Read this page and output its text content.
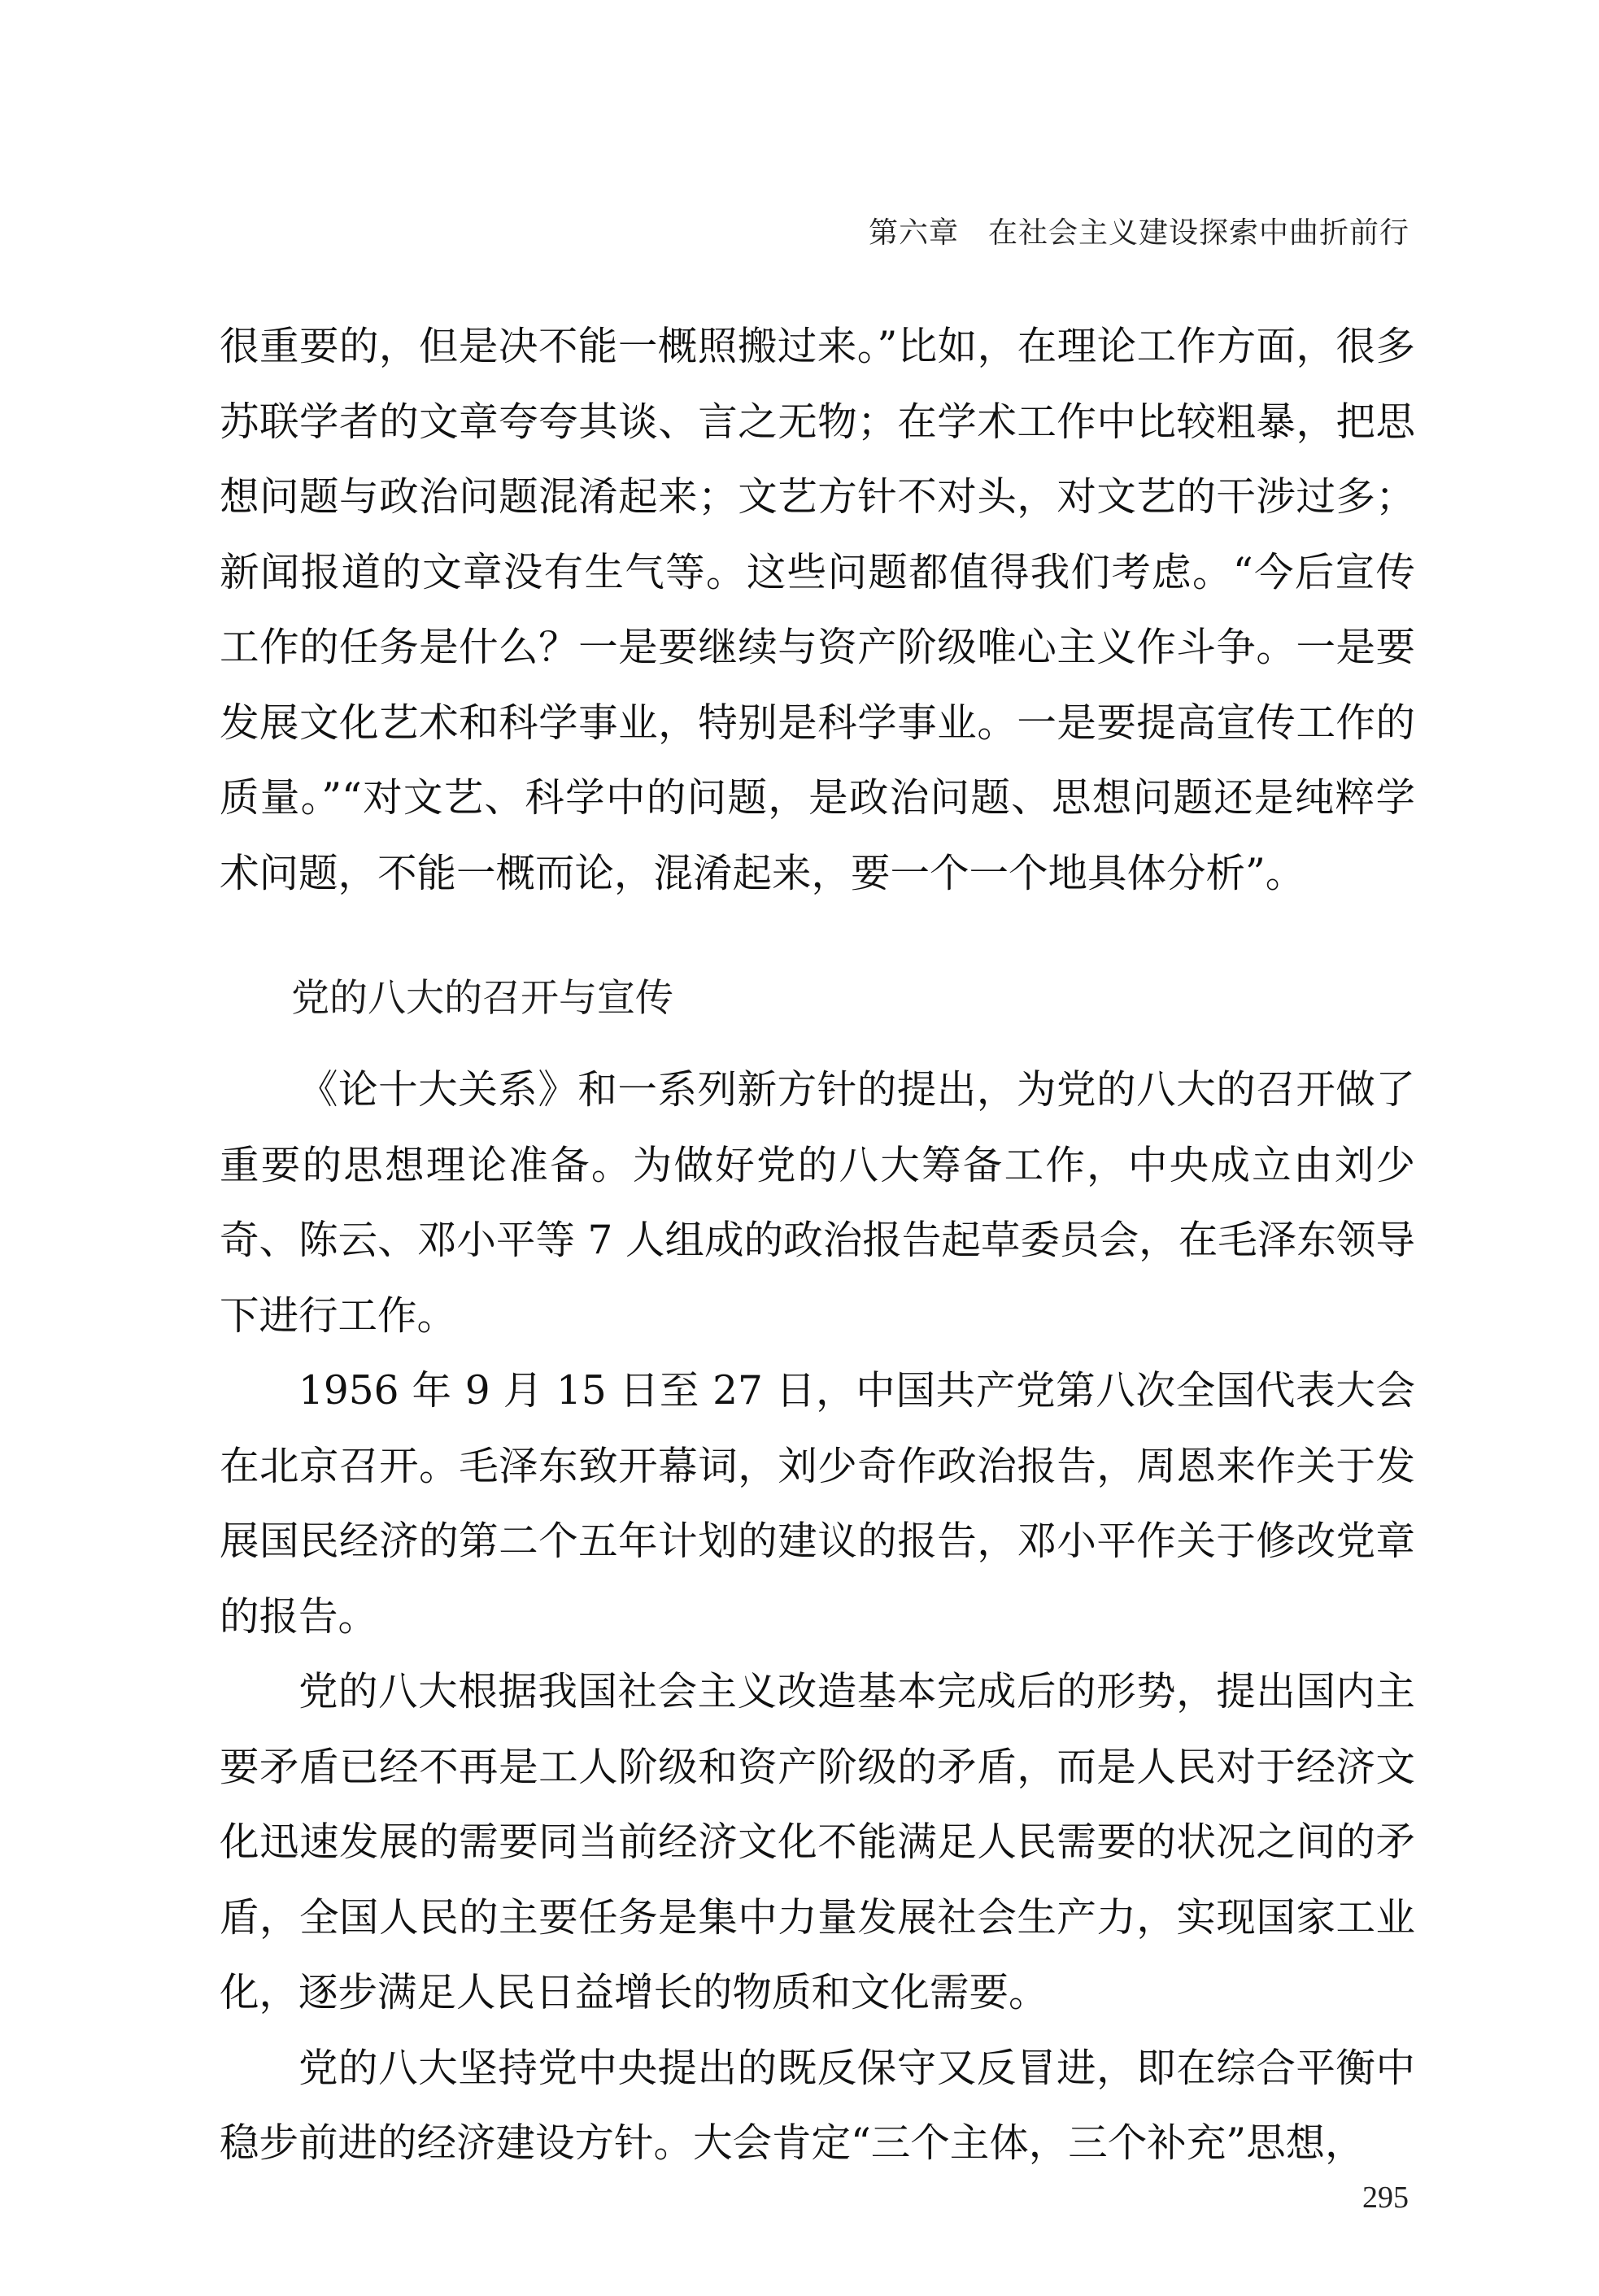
第六章 在社会主义建设探索中曲折前行

很重要的，但是决不能一概照搬过来。”比如，在理论工作方面，很多苏联学者的文章夸夸其谈、言之无物；在学术工作中比较粗暴，把思想问题与政治问题混淆起来；文艺方针不对头，对文艺的干涉过多；新闻报道的文章没有生气等。这些问题都值得我们考虑。“今后宣传工作的任务是什么？一是要继续与资产阶级唯心主义作斗争。一是要发展文化艺术和科学事业，特别是科学事业。一是要提高宣传工作的质量。”“对文艺、科学中的问题，是政治问题、思想问题还是纯粹学术问题，不能一概而论，混淆起来，要一个一个地具体分析”。

党的八大的召开与宣传

《论十大关系》和一系列新方针的提出，为党的八大的召开做了重要的思想理论准备。为做好党的八大筹备工作，中央成立由刘少奇、陈云、邓小平等 7 人组成的政治报告起草委员会，在毛泽东领导下进行工作。

1956 年 9 月 15 日至 27 日，中国共产党第八次全国代表大会在北京召开。毛泽东致开幕词，刘少奇作政治报告，周恩来作关于发展国民经济的第二个五年计划的建议的报告，邓小平作关于修改党章的报告。

党的八大根据我国社会主义改造基本完成后的形势，提出国内主要矛盾已经不再是工人阶级和资产阶级的矛盾，而是人民对于经济文化迅速发展的需要同当前经济文化不能满足人民需要的状况之间的矛盾，全国人民的主要任务是集中力量发展社会生产力，实现国家工业化，逐步满足人民日益增长的物质和文化需要。

党的八大坚持党中央提出的既反保守又反冒进，即在综合平衡中稳步前进的经济建设方针。大会肯定“三个主体，三个补充”思想，

295
